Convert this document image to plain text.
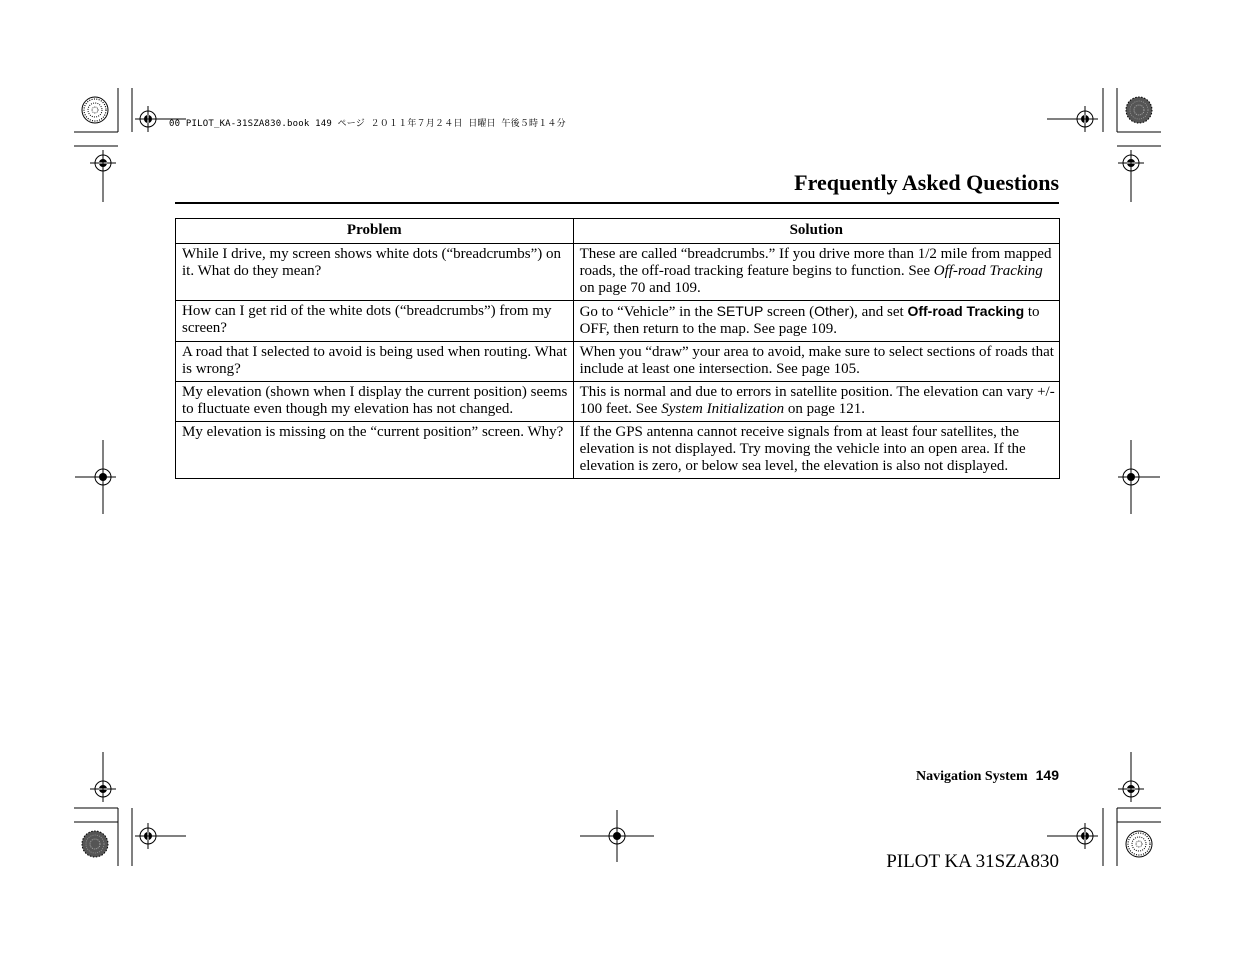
00 PILOT_KA-31SZA830.book 149 ページ ２０１１年７月２４日 日曜日 午後５時１４分
Frequently Asked Questions
Problem	Solution
While I drive, my screen shows white dots (“breadcrumbs”) on it. What do they mean?	These are called “breadcrumbs.” If you drive more than 1/2 mile from mapped roads, the off-road tracking feature begins to function. See Off-road Tracking on page 70 and 109.
How can I get rid of the white dots (“breadcrumbs”) from my screen?	Go to “Vehicle” in the SETUP screen (Other), and set Off-road Tracking to OFF, then return to the map. See page 109.
A road that I selected to avoid is being used when routing. What is wrong?	When you “draw” your area to avoid, make sure to select sections of roads that include at least one intersection. See page 105.
My elevation (shown when I display the current position) seems to fluctuate even though my elevation has not changed.	This is normal and due to errors in satellite position. The elevation can vary +/- 100 feet. See System Initialization on page 121.
My elevation is missing on the “current position” screen. Why?	If the GPS antenna cannot receive signals from at least four satellites, the elevation is not displayed. Try moving the vehicle into an open area. If the elevation is zero, or below sea level, the elevation is also not displayed.
Navigation System 149
PILOT KA 31SZA830
